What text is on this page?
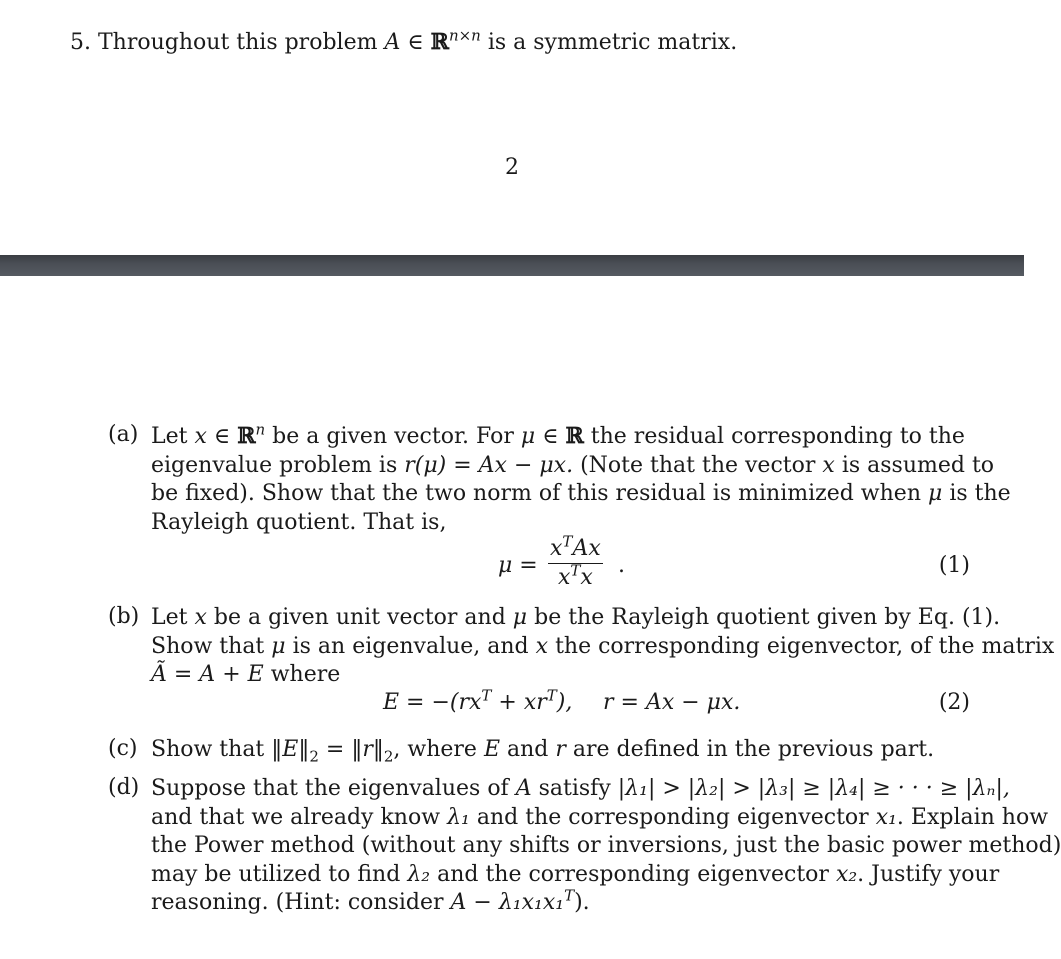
5. Throughout this problem A ∈ ℝ$^{n\times n}$ is a symmetric matrix.
2
(a) Let x ∈ ℝ$^n$ be a given vector. For μ ∈ ℝ the residual corresponding to the
eigenvalue problem is r(μ) = Ax − μx. (Note that the vector x is assumed to
be fixed). Show that the two norm of this residual is minimized when μ is the
Rayleigh quotient. That is,
μ =
$x^TAx$
$x^Tx$ .	(1)
(b) Let x be a given unit vector and μ be the Rayleigh quotient given by Eq. (1).
Show that μ is an eigenvalue, and x the corresponding eigenvector, of the matrix
Ã = A + E where
$E = -(rx^T + xr^T)$, r = Ax − μx.	(2)
(c) Show that $‖E‖_2$ = $‖r‖_2$, where E and r are defined in the previous part.
(d) Suppose that the eigenvalues of A satisfy |λ₁| > |λ₂| > |λ₃| ≥ |λ₄| ≥ · · · ≥ |λₙ|,
and that we already know λ₁ and the corresponding eigenvector x₁. Explain how
the Power method (without any shifts or inversions, just the basic power method)
may be utilized to find λ₂ and the corresponding eigenvector x₂. Justify your
reasoning. (Hint: consider A − λ₁x₁x₁$^T$).
